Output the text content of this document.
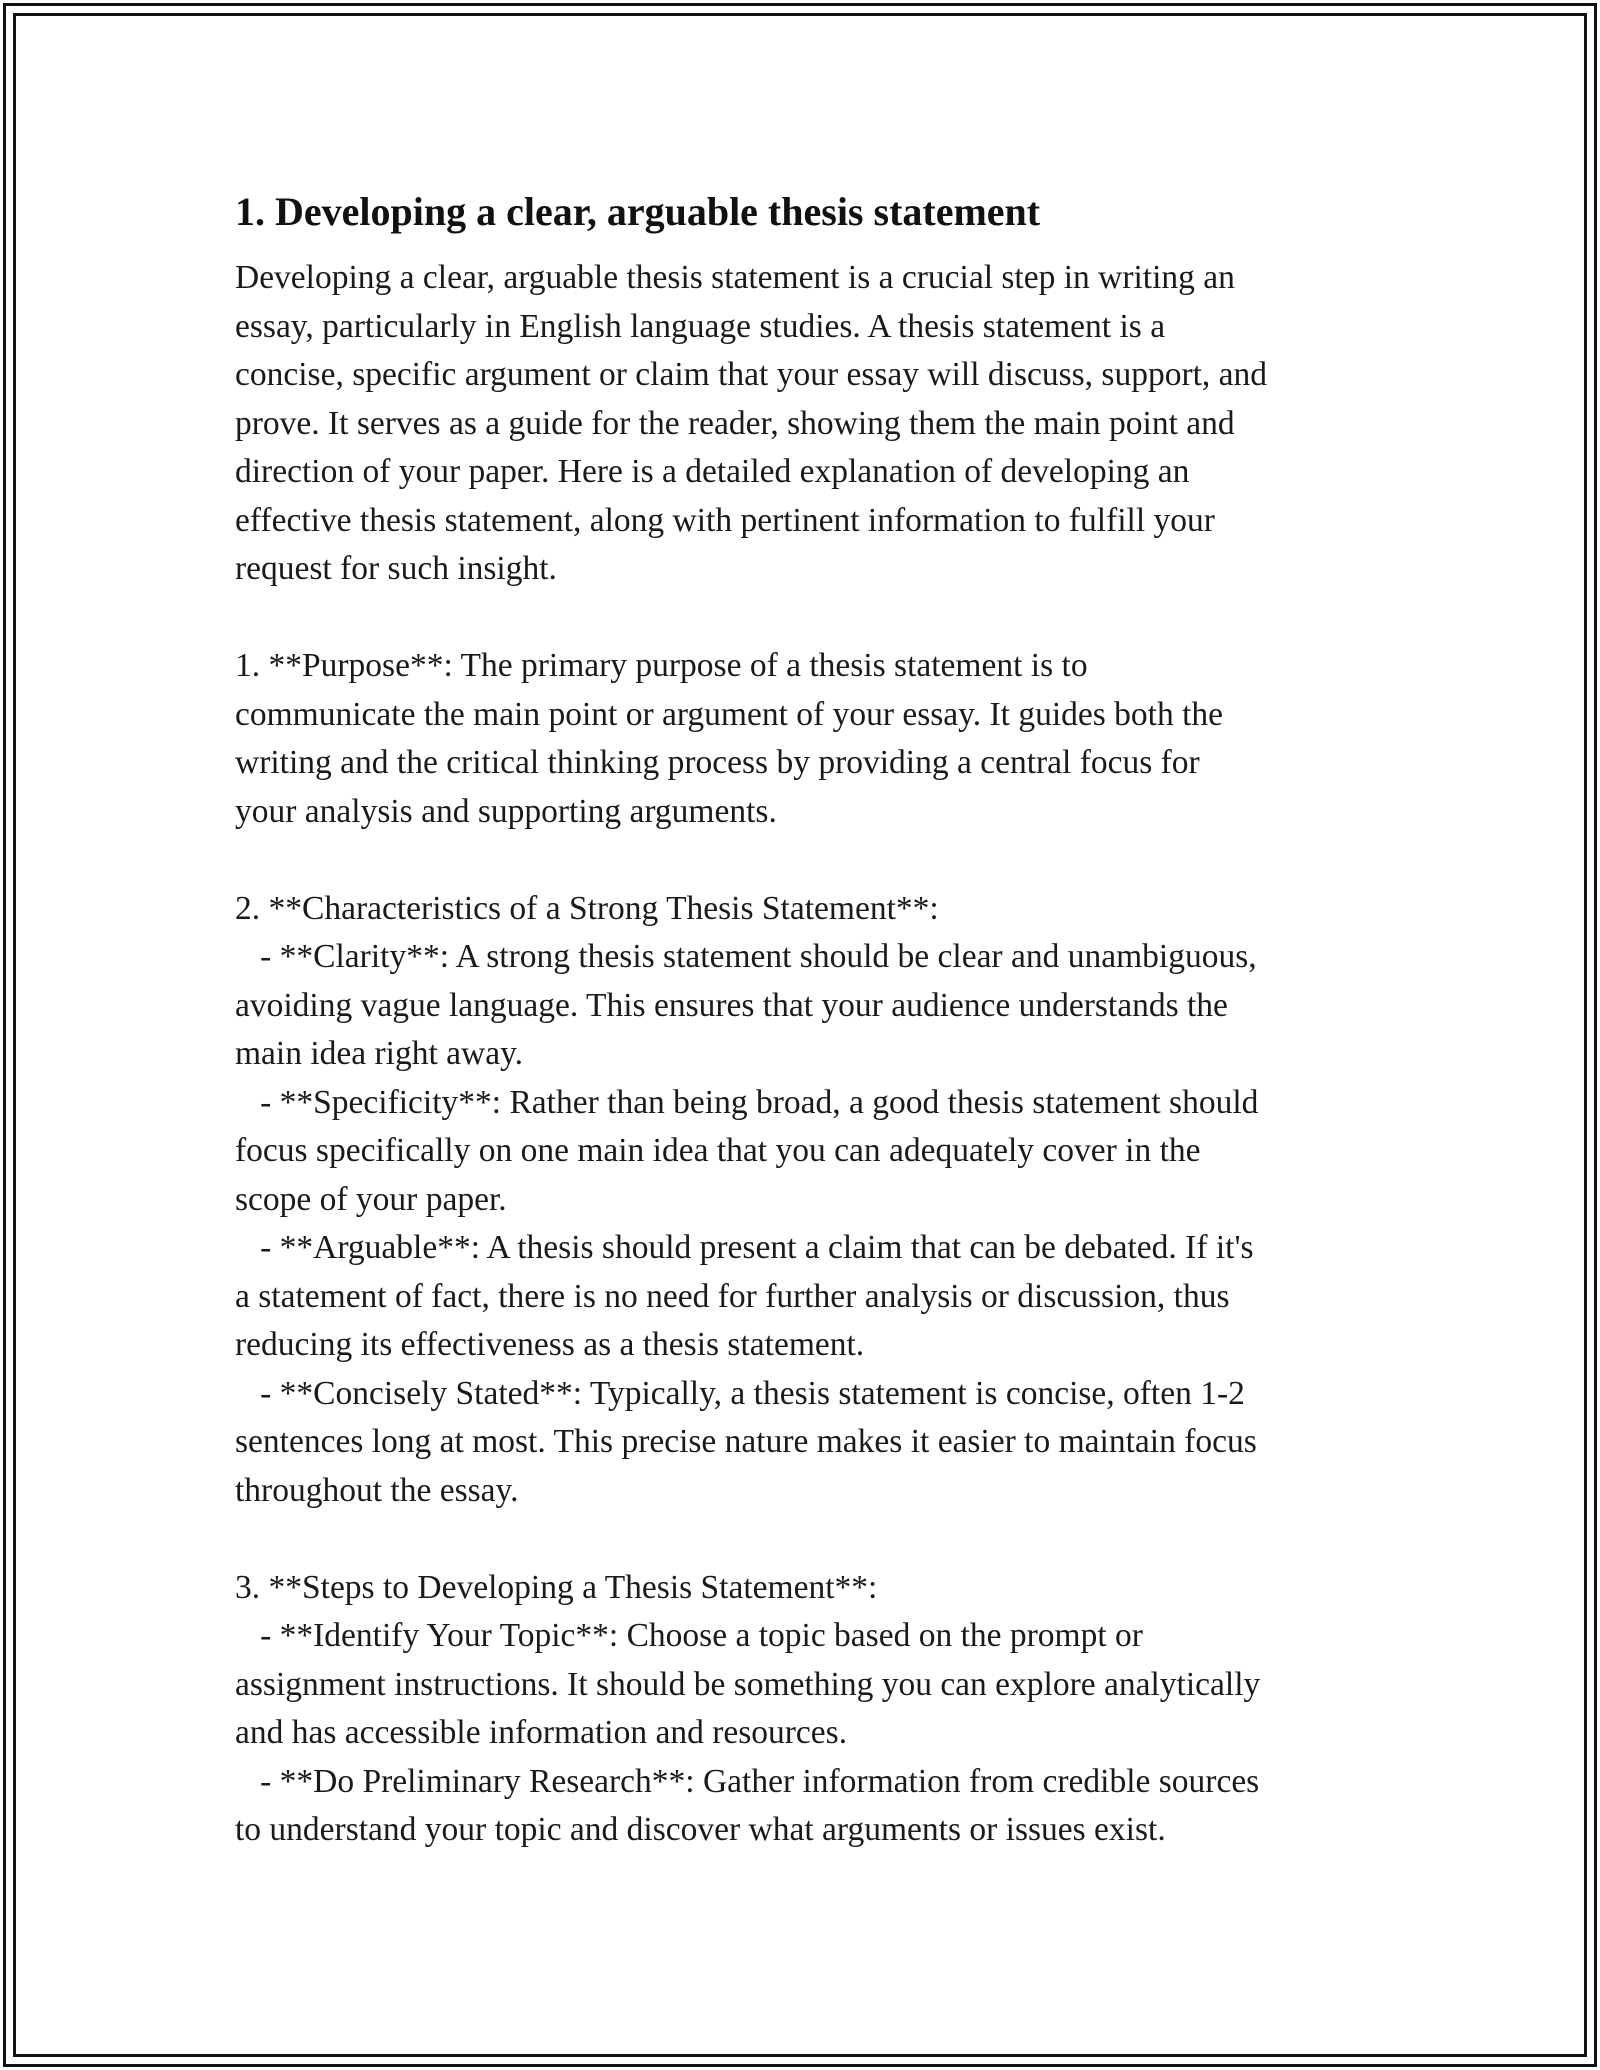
1. Developing a clear, arguable thesis statement
Developing a clear, arguable thesis statement is a crucial step in writing an
essay, particularly in English language studies. A thesis statement is a
concise, specific argument or claim that your essay will discuss, support, and
prove. It serves as a guide for the reader, showing them the main point and
direction of your paper. Here is a detailed explanation of developing an
effective thesis statement, along with pertinent information to fulfill your
request for such insight.
1. **Purpose**: The primary purpose of a thesis statement is to
communicate the main point or argument of your essay. It guides both the
writing and the critical thinking process by providing a central focus for
your analysis and supporting arguments.
2. **Characteristics of a Strong Thesis Statement**:
- **Clarity**: A strong thesis statement should be clear and unambiguous,
avoiding vague language. This ensures that your audience understands the
main idea right away.
- **Specificity**: Rather than being broad, a good thesis statement should
focus specifically on one main idea that you can adequately cover in the
scope of your paper.
- **Arguable**: A thesis should present a claim that can be debated. If it's
a statement of fact, there is no need for further analysis or discussion, thus
reducing its effectiveness as a thesis statement.
- **Concisely Stated**: Typically, a thesis statement is concise, often 1-2
sentences long at most. This precise nature makes it easier to maintain focus
throughout the essay.
3. **Steps to Developing a Thesis Statement**:
- **Identify Your Topic**: Choose a topic based on the prompt or
assignment instructions. It should be something you can explore analytically
and has accessible information and resources.
- **Do Preliminary Research**: Gather information from credible sources
to understand your topic and discover what arguments or issues exist.
